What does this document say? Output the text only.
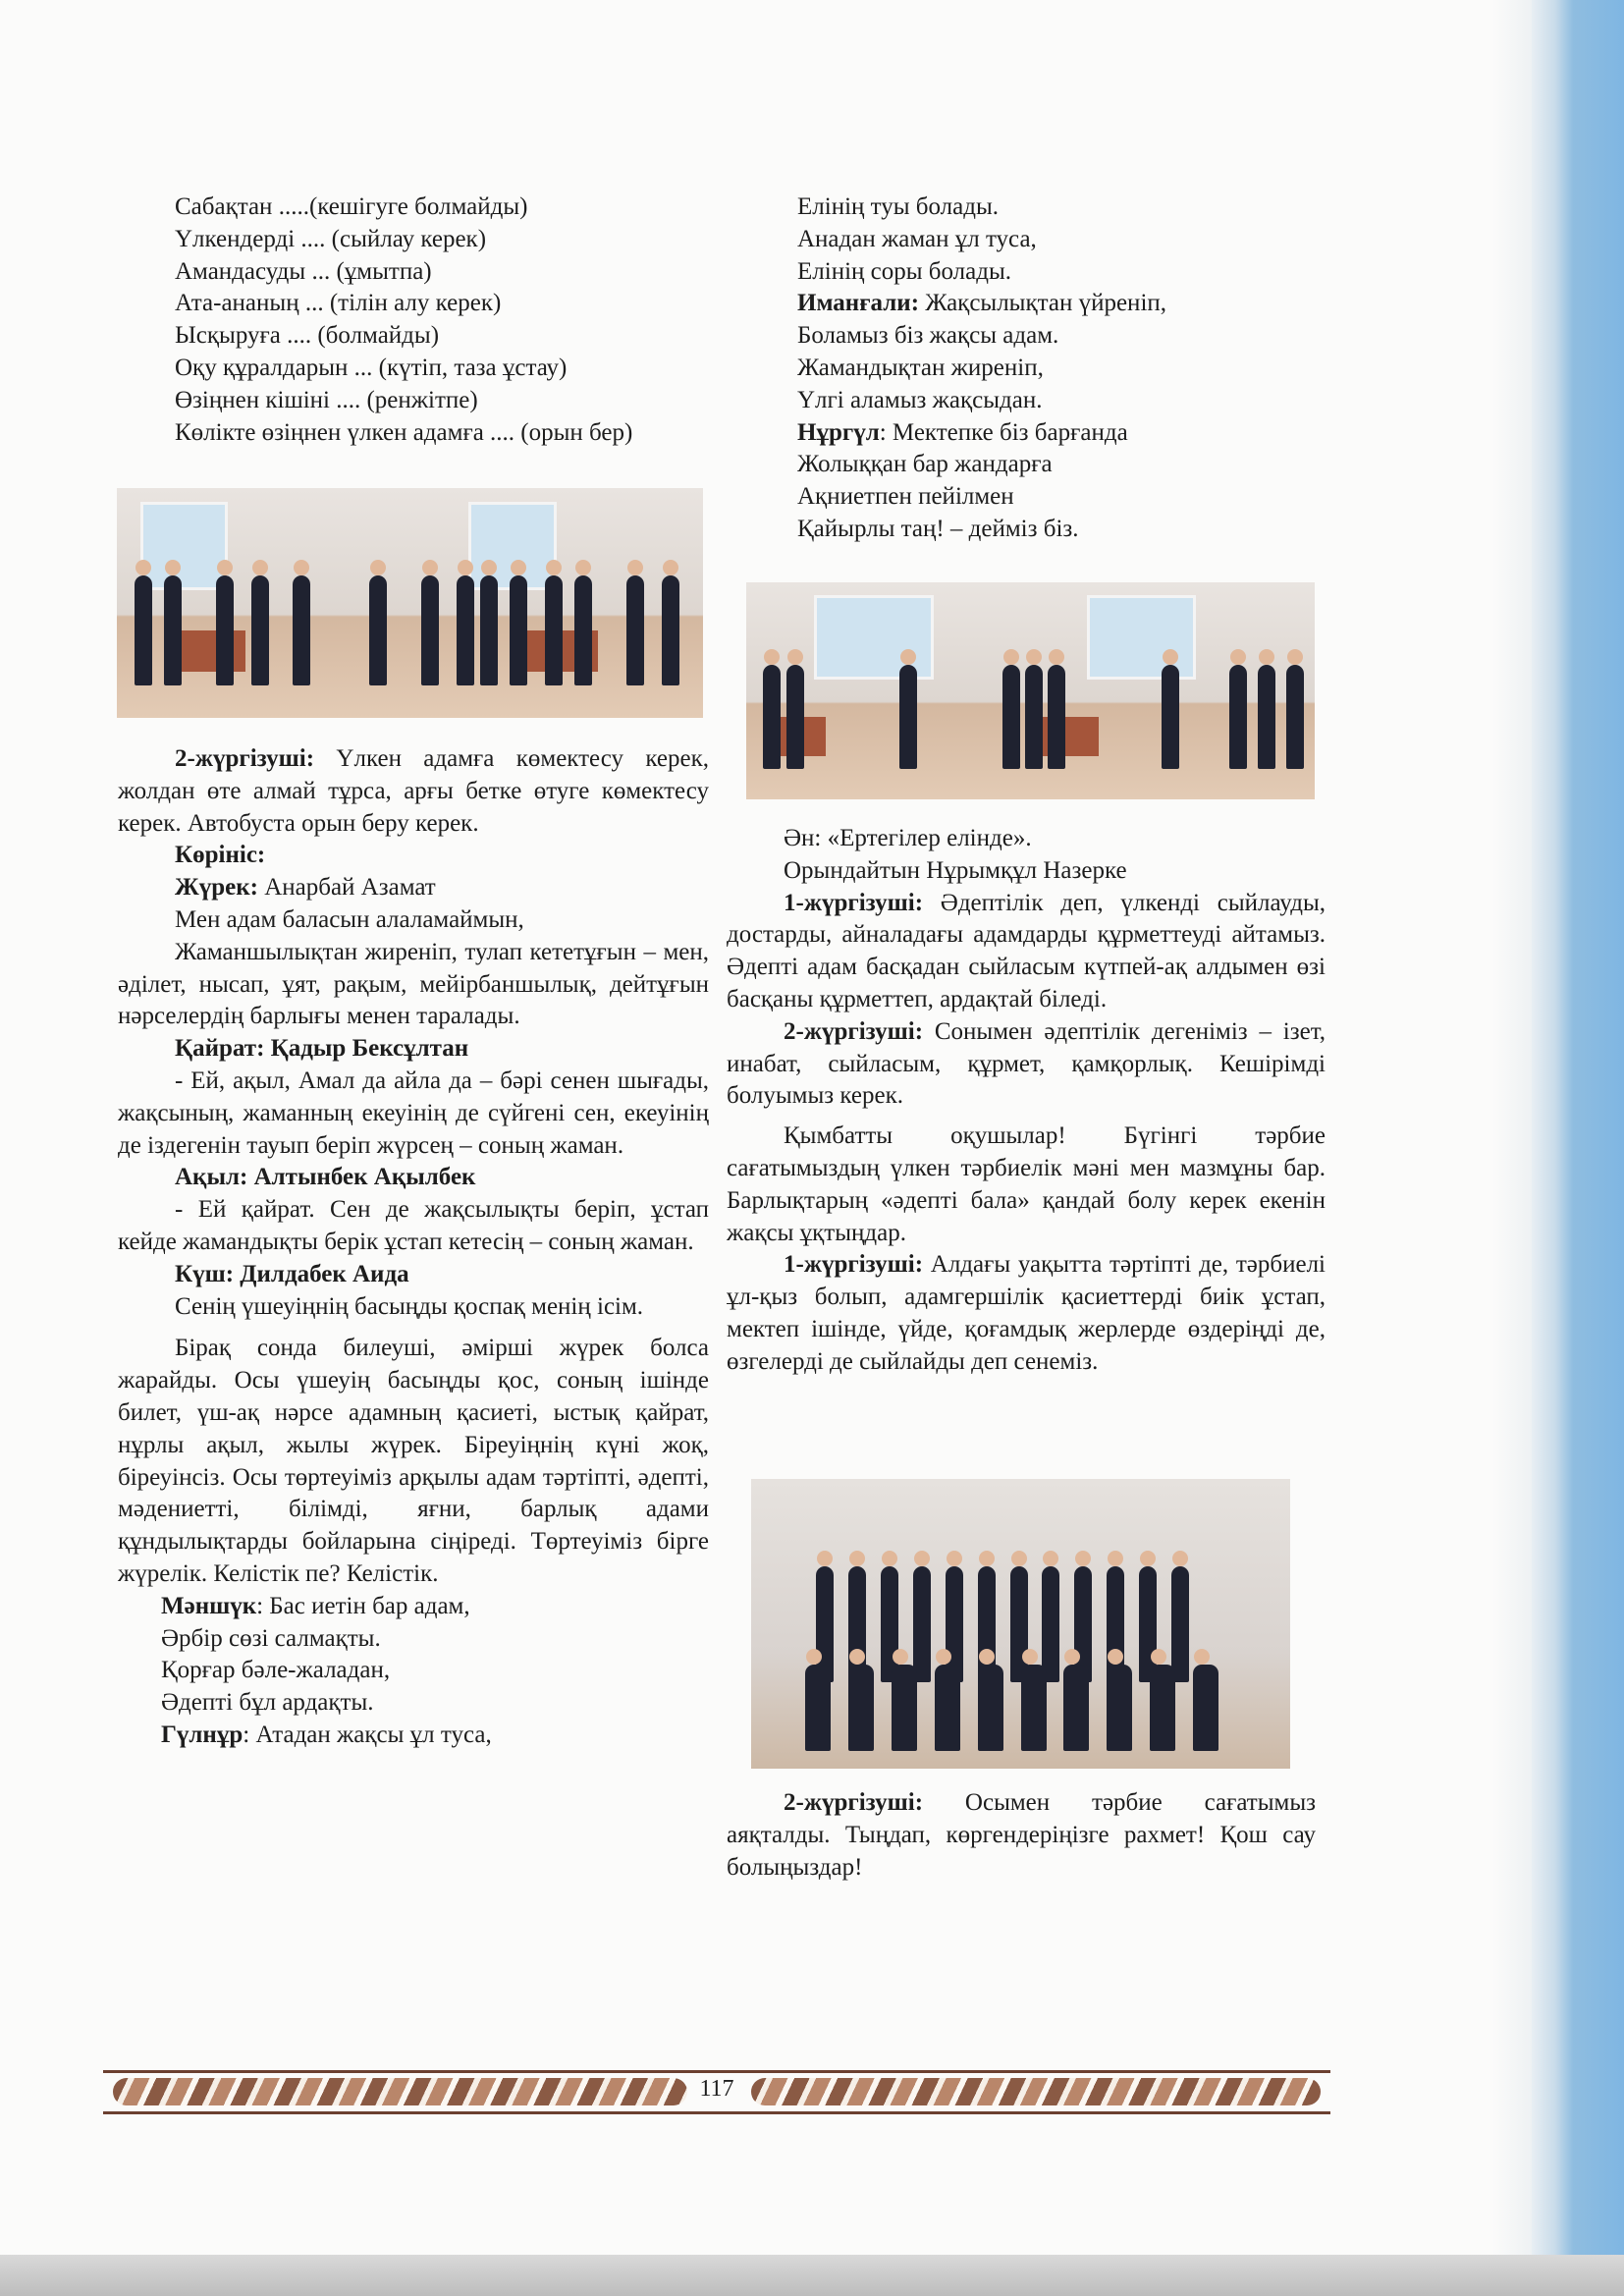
Сабақтан .....(кешігуге болмайды)

Үлкендерді .... (сыйлау керек)

Амандасуды ... (ұмытпа)

Ата-ананың ... (тілін алу керек)

Ысқыруға .... (болмайды)

Оқу құралдарын ... (күтіп, таза ұстау)

Өзіңнен кішіні .... (ренжітпе)

Көлікте өзіңнен үлкен адамға .... (орын бер)

2-жүргізуші: Үлкен адамға көмектесу керек, жолдан өте алмай тұрса, арғы бетке өтуге көмектесу керек. Автобуста орын беру керек.

Көрініс:

Жүрек: Анарбай Азамат

Мен адам баласын алаламаймын,

Жаманшылықтан жиреніп, тулап кететұғын – мен, әділет, нысап, ұят, рақым, мейірбаншылық, дейтұғын нәрселердің барлығы менен таралады.

Қайрат: Қадыр Бексұлтан

- Ей, ақыл, Амал да айла да – бәрі сенен шығады, жақсының, жаманның екеуінің де сүйгені сен, екеуінің де іздегенін тауып беріп жүрсең – соның жаман.

Ақыл: Алтынбек Ақылбек

- Ей қайрат. Сен де жақсылықты беріп, ұстап кейде жамандықты берік ұстап кетесің – соның жаман.

Күш: Дилдабек Аида

Сенің үшеуіңнің басыңды қоспақ менің ісім.

Бірақ сонда билеуші, әмірші жүрек болса жарайды. Осы үшеуің басыңды қос, соның ішінде билет, үш-ақ нәрсе адамның қасиеті, ыстық қайрат, нұрлы ақыл, жылы жүрек. Біреуіңнің күні жоқ, біреуінсіз. Осы төртеуіміз арқылы адам тәртіпті, әдепті, мәдениетті, білімді, яғни, барлық адами құндылықтарды бойларына сіңіреді. Төртеуіміз бірге жүрелік. Келістік пе? Келістік.

Мәншүк: Бас иетін бар адам,

Әрбір сөзі салмақты.

Қорғар бәле-жаладан,

Әдепті бұл ардақты.

Гүлнұр: Атадан жақсы ұл туса,

Елінің туы болады.

Анадан жаман ұл туса,

Елінің соры болады.

Иманғали: Жақсылықтан үйреніп,

Боламыз біз жақсы адам.

Жамандықтан жиреніп,

Үлгі аламыз жақсыдан.

Нұргүл: Мектепке біз барғанда

Жолыққан бар жандарға

Ақниетпен пейілмен

Қайырлы таң! – дейміз біз.

Ән: «Ертегілер елінде».

Орындайтын Нұрымқұл Назерке

1-жүргізуші: Әдептілік деп, үлкенді сыйлауды, достарды, айналадағы адамдарды құрметтеуді айтамыз. Әдепті адам басқадан сыйласым күтпей-ақ алдымен өзі басқаны құрметтеп, ардақтай біледі.

2-жүргізуші: Сонымен әдептілік дегеніміз – ізет, инабат, сыйласым, құрмет, қамқорлық. Кешірімді болуымыз керек.

Қымбатты оқушылар! Бүгінгі тәрбие сағатымыздың үлкен тәрбиелік мәні мен мазмұны бар. Барлықтарың «әдепті бала» қандай болу керек екенін жақсы ұқтыңдар.

1-жүргізуші: Алдағы уақытта тәртіпті де, тәрбиелі ұл-қыз болып, адамгершілік қасиеттерді биік ұстап, мектеп ішінде, үйде, қоғамдық жерлерде өздеріңді де, өзгелерді де сыйлайды деп сенеміз.

2-жүргізуші: Осымен тәрбие сағатымыз аяқталды. Тыңдап, көргендеріңізге рахмет! Қош сау болыңыздар!

117
